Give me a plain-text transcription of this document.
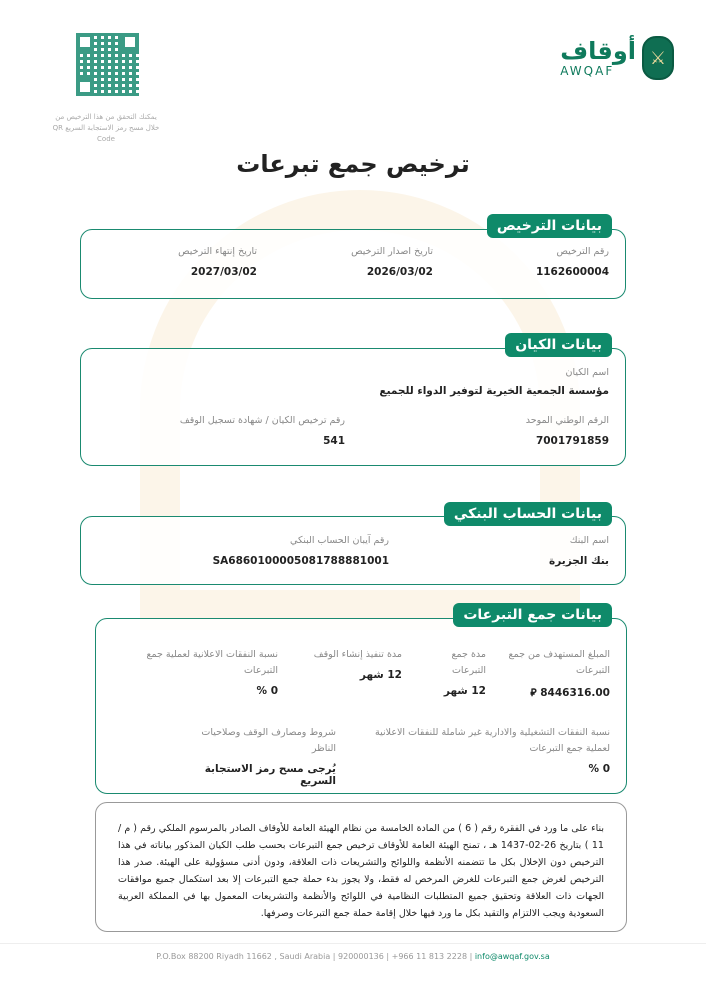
يمكنك التحقق من هذا الترخيص من خلال مسح رمز الاستجابة السريع QR Code
أوقاف
AWQAF
⚔
ترخيص جمع تبرعات
رقم الترخيص
1162600004
تاريخ اصدار الترخيص
2026/03/02
تاريخ إنتهاء الترخيص
2027/03/02
بيانات الترخيص
اسم الكيان
مؤسسة الجمعية الخيرية لتوفير الدواء للجميع
الرقم الوطني الموحد
7001791859
رقم ترخيص الكيان / شهادة تسجيل الوقف
541
بيانات الكيان
اسم البنك
بنك الجزيرة
رقم آيبان الحساب البنكي
SA6860100005081788881001
بيانات الحساب البنكي
المبلغ المستهدف من جمع التبرعات
8446316.00 ⃁
مدة جمع التبرعات
12 شهر
مدة تنفيذ إنشاء الوقف
12 شهر
نسبة النفقات الاعلانية لعملية جمع التبرعات
0 %
نسبة النفقات التشغيلية والادارية غير شاملة للنفقات الاعلانية لعملية جمع التبرعات
0 %
شروط ومصارف الوقف وصلاحيات الناظر
يُرجى مسح رمز الاستجابة السريع
بيانات جمع التبرعات
بناء على ما ورد في الفقرة رقم ( 6 ) من المادة الخامسة من نظام الهيئة العامة للأوقاف الصادر بالمرسوم الملكي رقم ( م / 11 ) بتاريخ 26-02-1437 هـ ، تمنح الهيئة العامة للأوقاف ترخيص جمع التبرعات بحسب طلب الكيان المذكور بياناته في هذا الترخيص دون الإخلال بكل ما تتضمنه الأنظمة واللوائح والتشريعات ذات العلاقة، ودون أدنى مسؤولية على الهيئة. صدر هذا الترخيص لغرض جمع التبرعات للغرض المرخص له فقط، ولا يجوز بدء حملة جمع التبرعات إلا بعد استكمال جميع موافقات الجهات ذات العلاقة وتحقيق جميع المتطلبات النظامية في اللوائح والأنظمة والتشريعات المعمول بها في المملكة العربية السعودية ويجب الالتزام والتقيد بكل ما ورد فيها خلال إقامة حملة جمع التبرعات وصرفها.
P.O.Box 88200 Riyadh 11662 , Saudi Arabia | 920000136 | +966 11 813 2228 | info@awqaf.gov.sa
